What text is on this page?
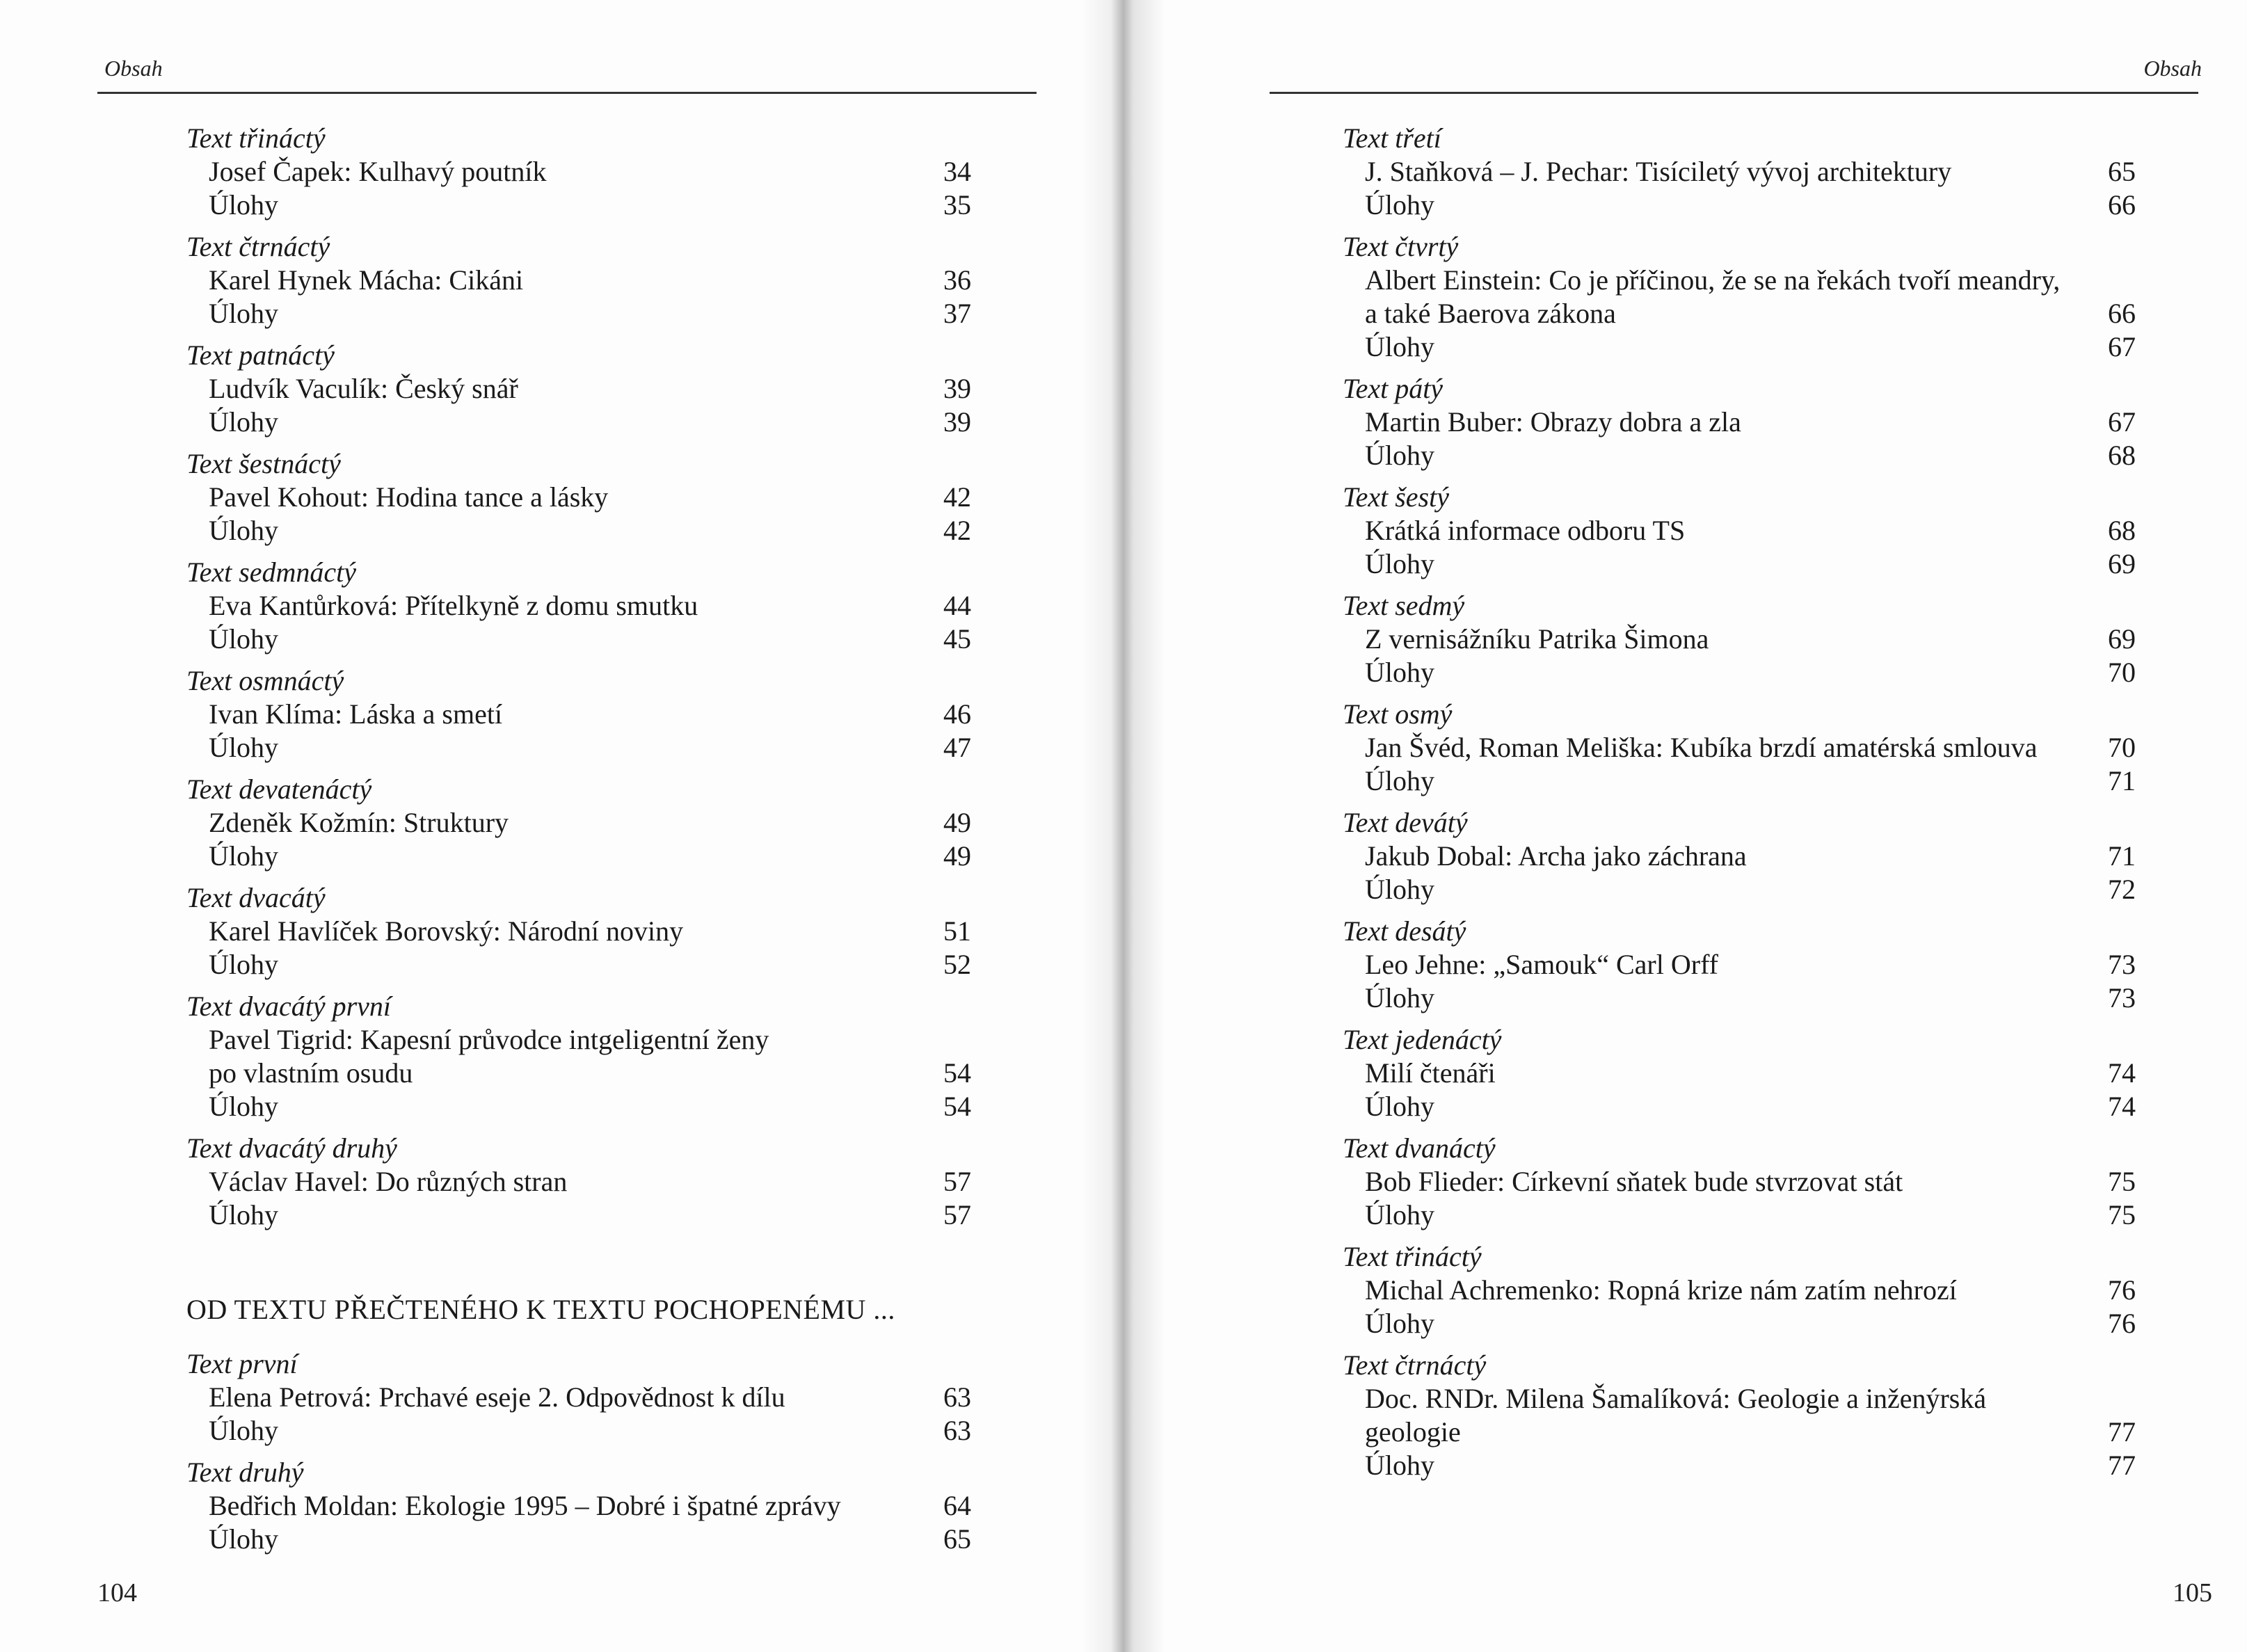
Obsah
Text třináctý
Josef Čapek: Kulhavý poutník	34
Úlohy	35
Text čtrnáctý
Karel Hynek Mácha: Cikáni	36
Úlohy	37
Text patnáctý
Ludvík Vaculík: Český snář	39
Úlohy	39
Text šestnáctý
Pavel Kohout: Hodina tance a lásky	42
Úlohy	42
Text sedmnáctý
Eva Kantůrková: Přítelkyně z domu smutku	44
Úlohy	45
Text osmnáctý
Ivan Klíma: Láska a smetí	46
Úlohy	47
Text devatenáctý
Zdeněk Kožmín: Struktury	49
Úlohy	49
Text dvacátý
Karel Havlíček Borovský: Národní noviny	51
Úlohy	52
Text dvacátý první
Pavel Tigrid: Kapesní průvodce intgeligentní ženy
po vlastním osudu	54
Úlohy	54
Text dvacátý druhý
Václav Havel: Do různých stran	57
Úlohy	57
OD TEXTU PŘEČTENÉHO K TEXTU POCHOPENÉMU ...
Text první
Elena Petrová: Prchavé eseje 2. Odpovědnost k dílu	63
Úlohy	63
Text druhý
Bedřich Moldan: Ekologie 1995 – Dobré i špatné zprávy	64
Úlohy	65
104
Obsah
105
Text třetí
J. Staňková – J. Pechar: Tisíciletý vývoj architektury	65
Úlohy	66
Text čtvrtý
Albert Einstein: Co je příčinou, že se na řekách tvoří meandry,
a také Baerova zákona	66
Úlohy	67
Text pátý
Martin Buber: Obrazy dobra a zla	67
Úlohy	68
Text šestý
Krátká informace odboru TS	68
Úlohy	69
Text sedmý
Z vernisážníku Patrika Šimona	69
Úlohy	70
Text osmý
Jan Švéd, Roman Meliška: Kubíka brzdí amatérská smlouva	70
Úlohy	71
Text devátý
Jakub Dobal: Archa jako záchrana	71
Úlohy	72
Text desátý
Leo Jehne: „Samouk“ Carl Orff	73
Úlohy	73
Text jedenáctý
Milí čtenáři	74
Úlohy	74
Text dvanáctý
Bob Flieder: Církevní sňatek bude stvrzovat stát	75
Úlohy	75
Text třináctý
Michal Achremenko: Ropná krize nám zatím nehrozí	76
Úlohy	76
Text čtrnáctý
Doc. RNDr. Milena Šamalíková: Geologie a inženýrská
geologie	77
Úlohy	77
